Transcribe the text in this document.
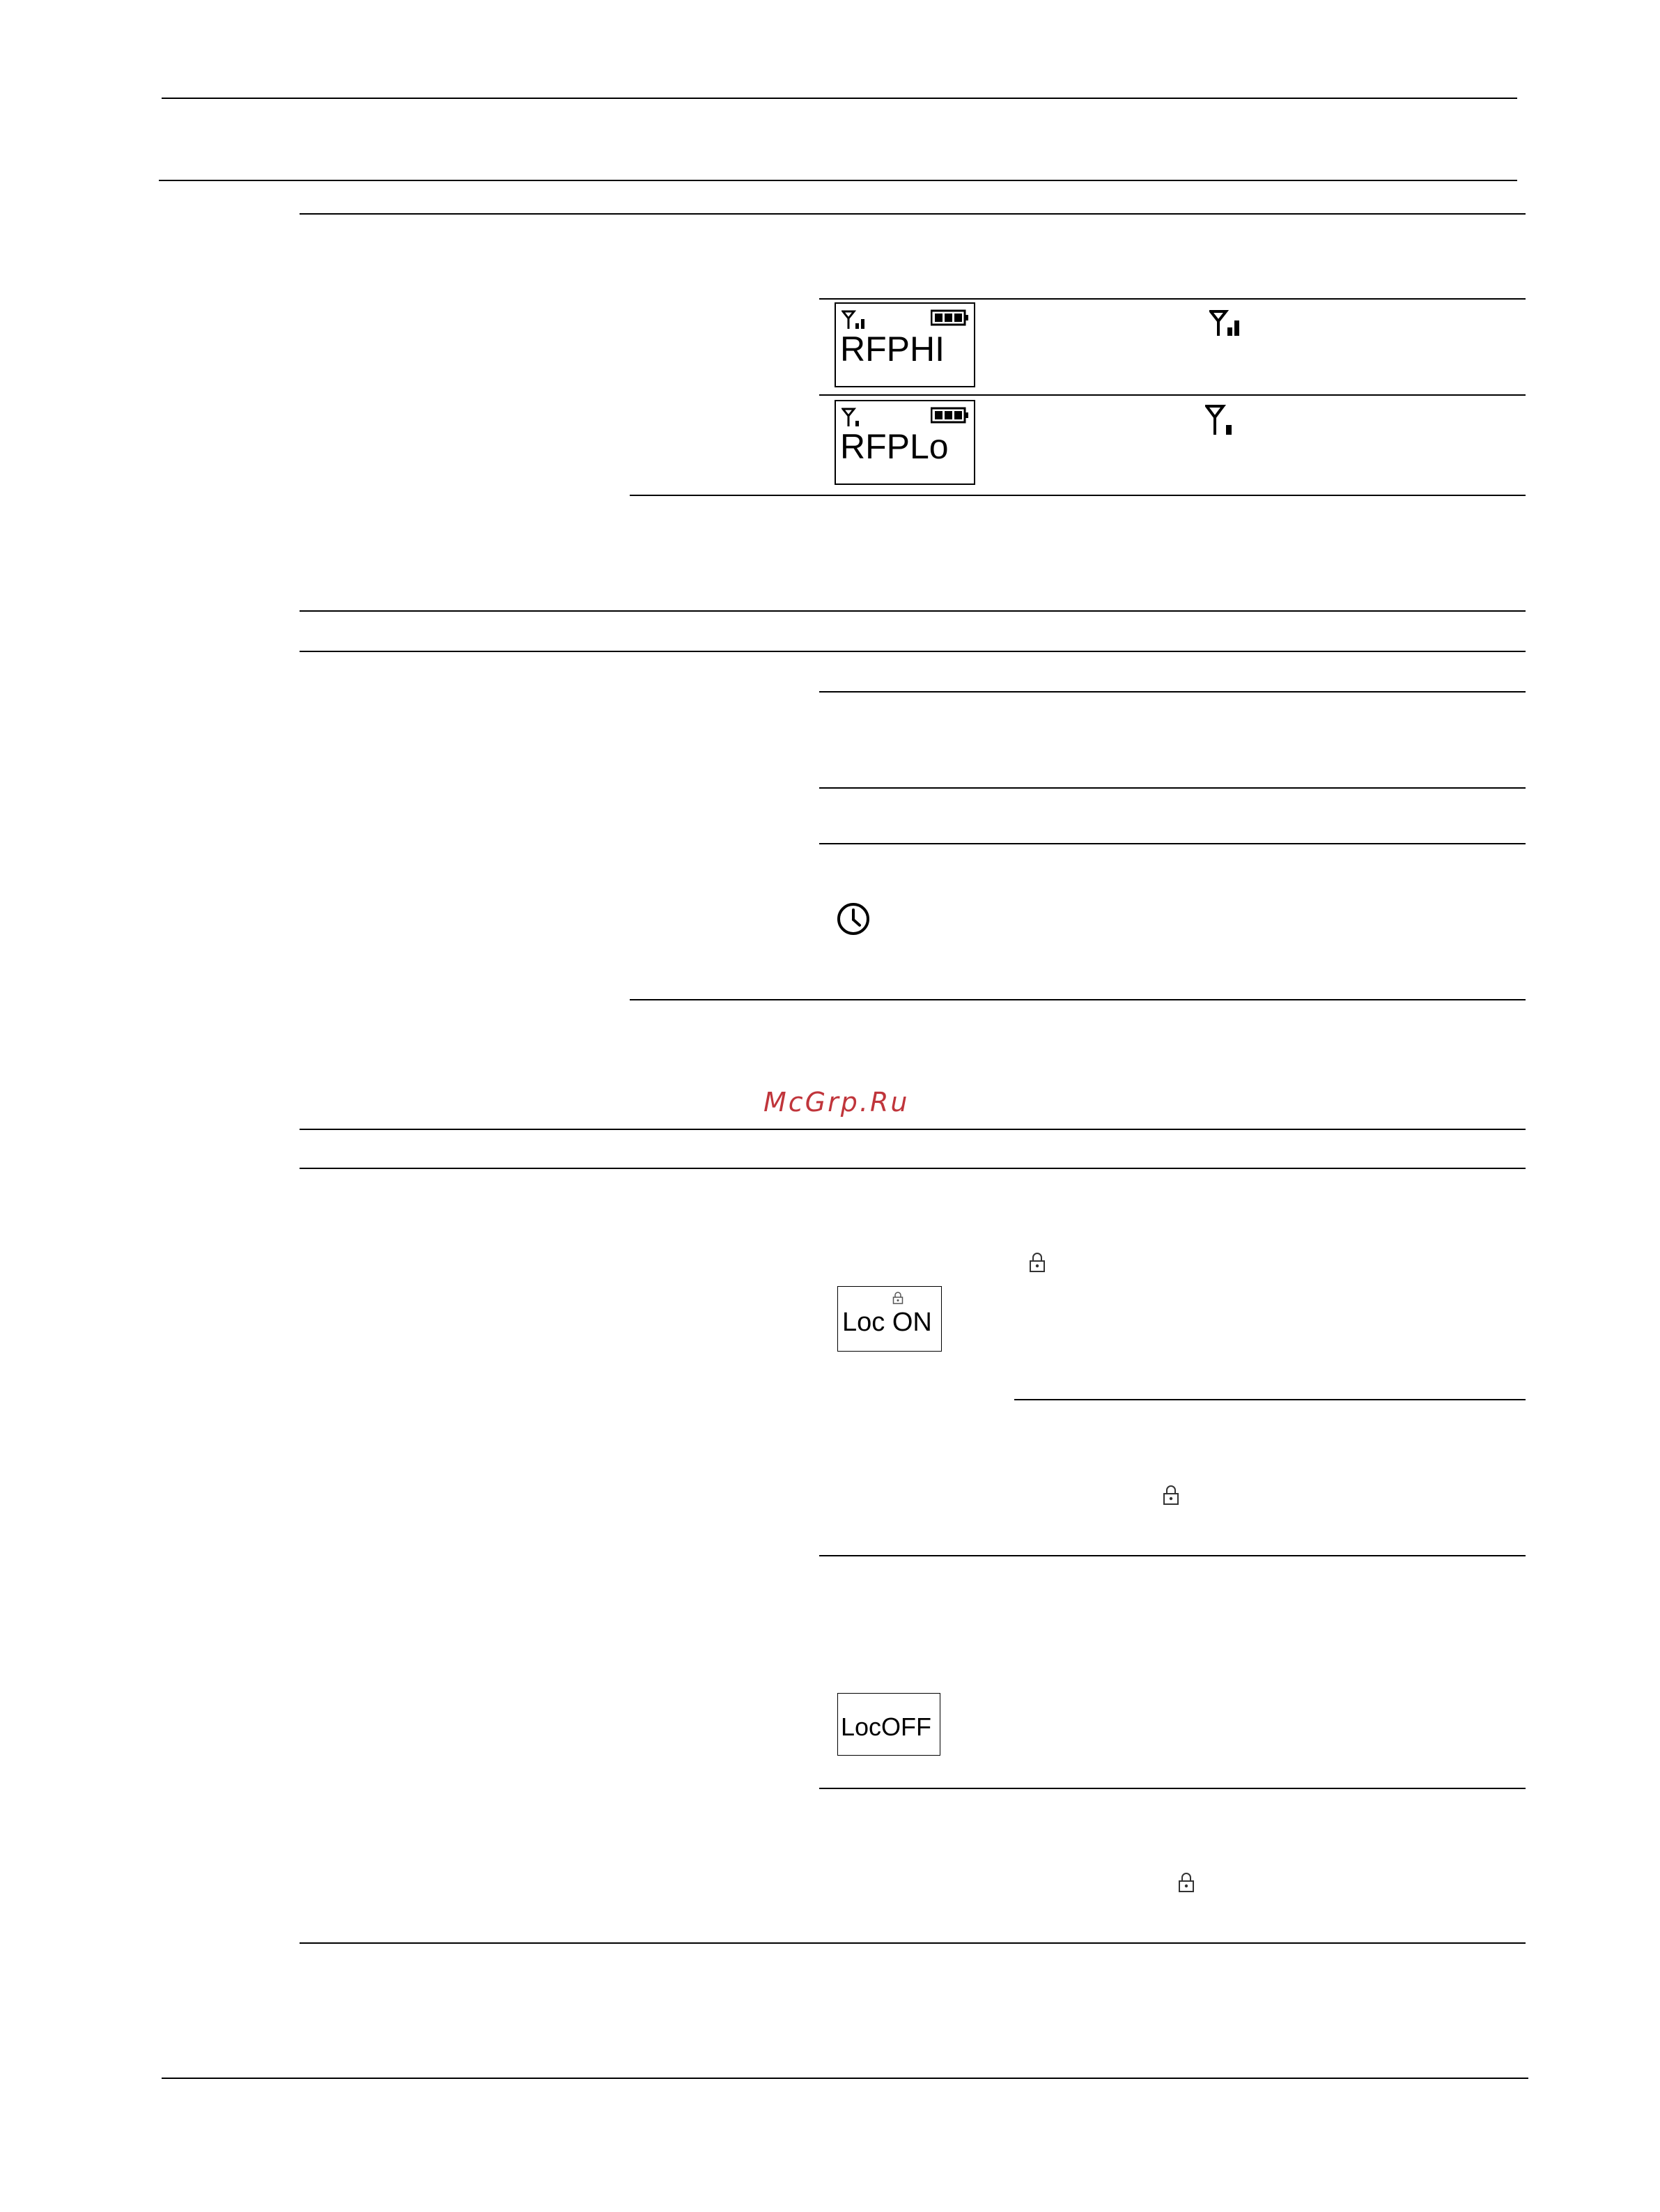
RFPHI
RFPLo
McGrp.Ru
Loc ON
LocOFF
